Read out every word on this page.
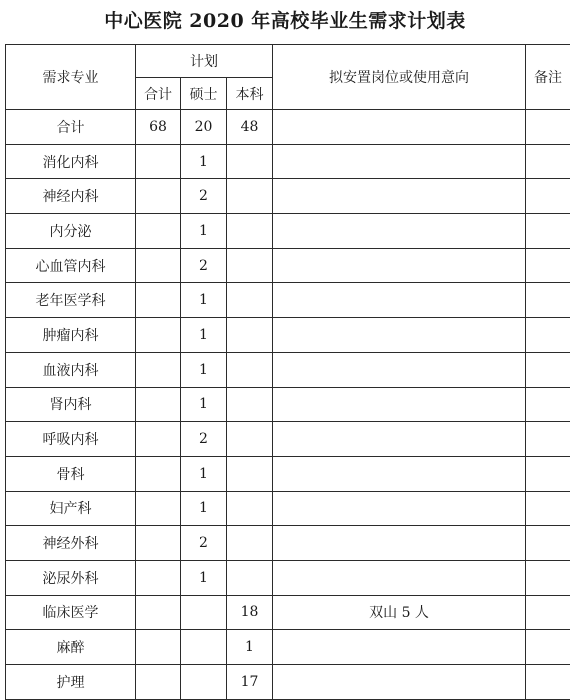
中心医院 2020 年高校毕业生需求计划表
需求专业	计划			拟安置岗位或使用意向	备注
	合计	硕士	本科		
合计	68	20	48		
消化内科		1			
神经内科		2			
内分泌		1			
心血管内科		2			
老年医学科		1			
肿瘤内科		1			
血液内科		1			
肾内科		1			
呼吸内科		2			
骨科		1			
妇产科		1			
神经外科		2			
泌尿外科		1			
临床医学			18	双山 5 人	
麻醉			1		
护理			17		
